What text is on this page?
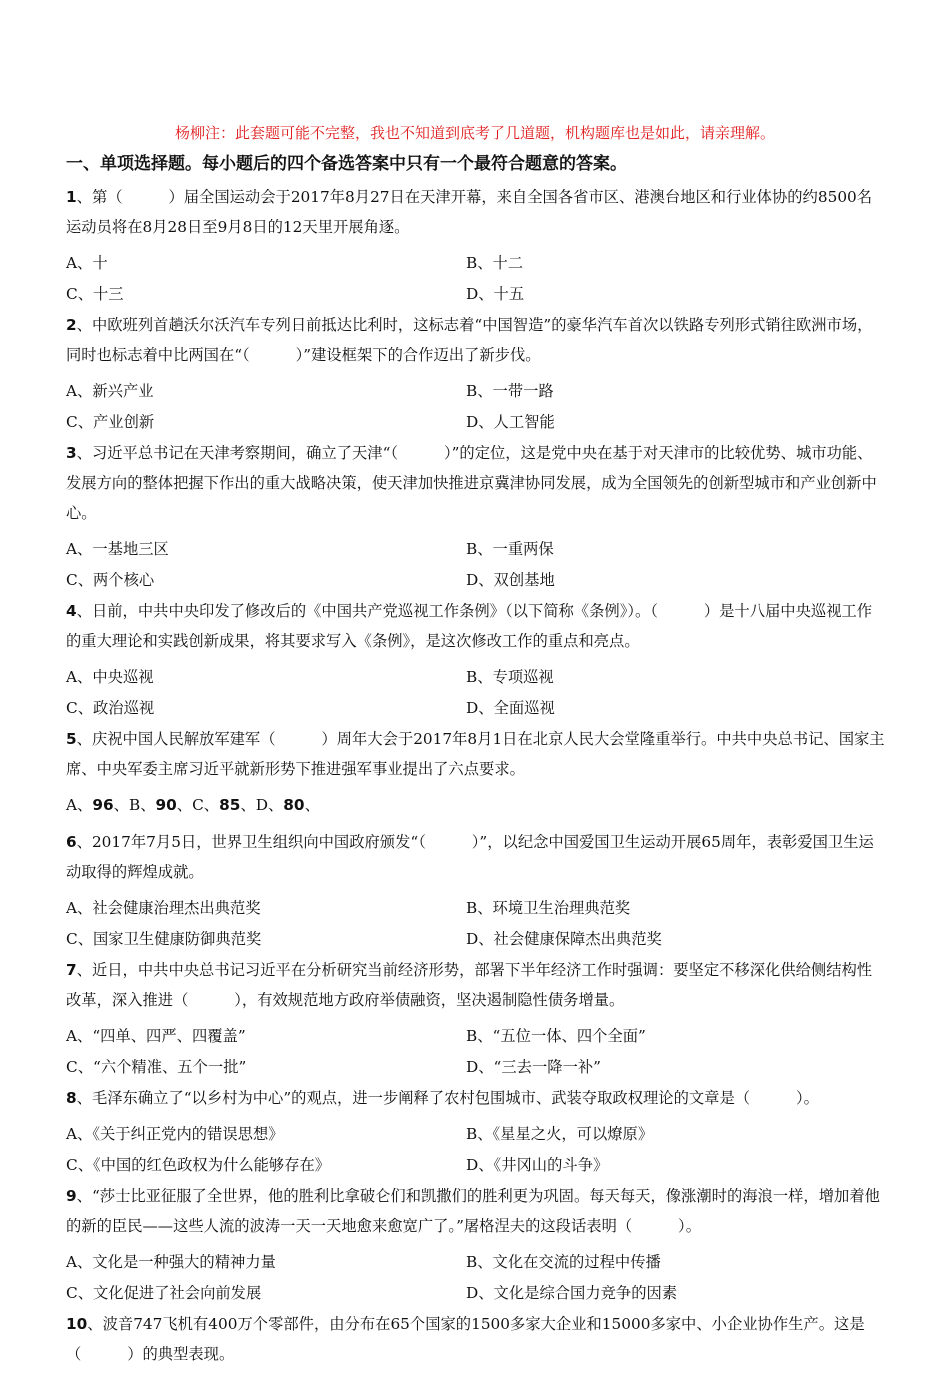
杨柳注：此套题可能不完整，我也不知道到底考了几道题，机构题库也是如此，请亲理解。
一、单项选择题。每小题后的四个备选答案中只有一个最符合题意的答案。
1、第（　　　）届全国运动会于2017年8月27日在天津开幕，来自全国各省市区、港澳台地区和行业体协的约8500名运动员将在8月28日至9月8日的12天里开展角逐。
A、十	B、十二
C、十三	D、十五
2、中欧班列首趟沃尔沃汽车专列日前抵达比利时，这标志着“中国智造”的豪华汽车首次以铁路专列形式销往欧洲市场，同时也标志着中比两国在“（　　　）”建设框架下的合作迈出了新步伐。
A、新兴产业	B、一带一路
C、产业创新	D、人工智能
3、习近平总书记在天津考察期间，确立了天津“（　　　）”的定位，这是党中央在基于对天津市的比较优势、城市功能、发展方向的整体把握下作出的重大战略决策，使天津加快推进京冀津协同发展，成为全国领先的创新型城市和产业创新中心。
A、一基地三区	B、一重两保
C、两个核心	D、双创基地
4、日前，中共中央印发了修改后的《中国共产党巡视工作条例》（以下简称《条例》）。（　　　）是十八届中央巡视工作的重大理论和实践创新成果，将其要求写入《条例》，是这次修改工作的重点和亮点。
A、中央巡视	B、专项巡视
C、政治巡视	D、全面巡视
5、庆祝中国人民解放军建军（　　　）周年大会于2017年8月1日在北京人民大会堂隆重举行。中共中央总书记、国家主席、中央军委主席习近平就新形势下推进强军事业提出了六点要求。
A、96、B、90、C、85、D、80、
6、2017年7月5日，世界卫生组织向中国政府颁发“（　　　）”，以纪念中国爱国卫生运动开展65周年，表彰爱国卫生运动取得的辉煌成就。
A、社会健康治理杰出典范奖	B、环境卫生治理典范奖
C、国家卫生健康防御典范奖	D、社会健康保障杰出典范奖
7、近日，中共中央总书记习近平在分析研究当前经济形势，部署下半年经济工作时强调：要坚定不移深化供给侧结构性改革，深入推进（　　　），有效规范地方政府举债融资，坚决遏制隐性债务增量。
A、“四单、四严、四覆盖”	B、“五位一体、四个全面”
C、“六个精准、五个一批”	D、“三去一降一补”
8、毛泽东确立了“以乡村为中心”的观点，进一步阐释了农村包围城市、武装夺取政权理论的文章是（　　　）。
A、《关于纠正党内的错误思想》	B、《星星之火，可以燎原》
C、《中国的红色政权为什么能够存在》	D、《井冈山的斗争》
9、“莎士比亚征服了全世界，他的胜利比拿破仑们和凯撒们的胜利更为巩固。每天每天，像涨潮时的海浪一样，增加着他的新的臣民——这些人流的波涛一天一天地愈来愈宽广了。”屠格涅夫的这段话表明（　　　）。
A、文化是一种强大的精神力量	B、文化在交流的过程中传播
C、文化促进了社会向前发展	D、文化是综合国力竞争的因素
10、波音747飞机有400万个零部件，由分布在65个国家的1500多家大企业和15000多家中、小企业协作生产。这是（　　　）的典型表现。
